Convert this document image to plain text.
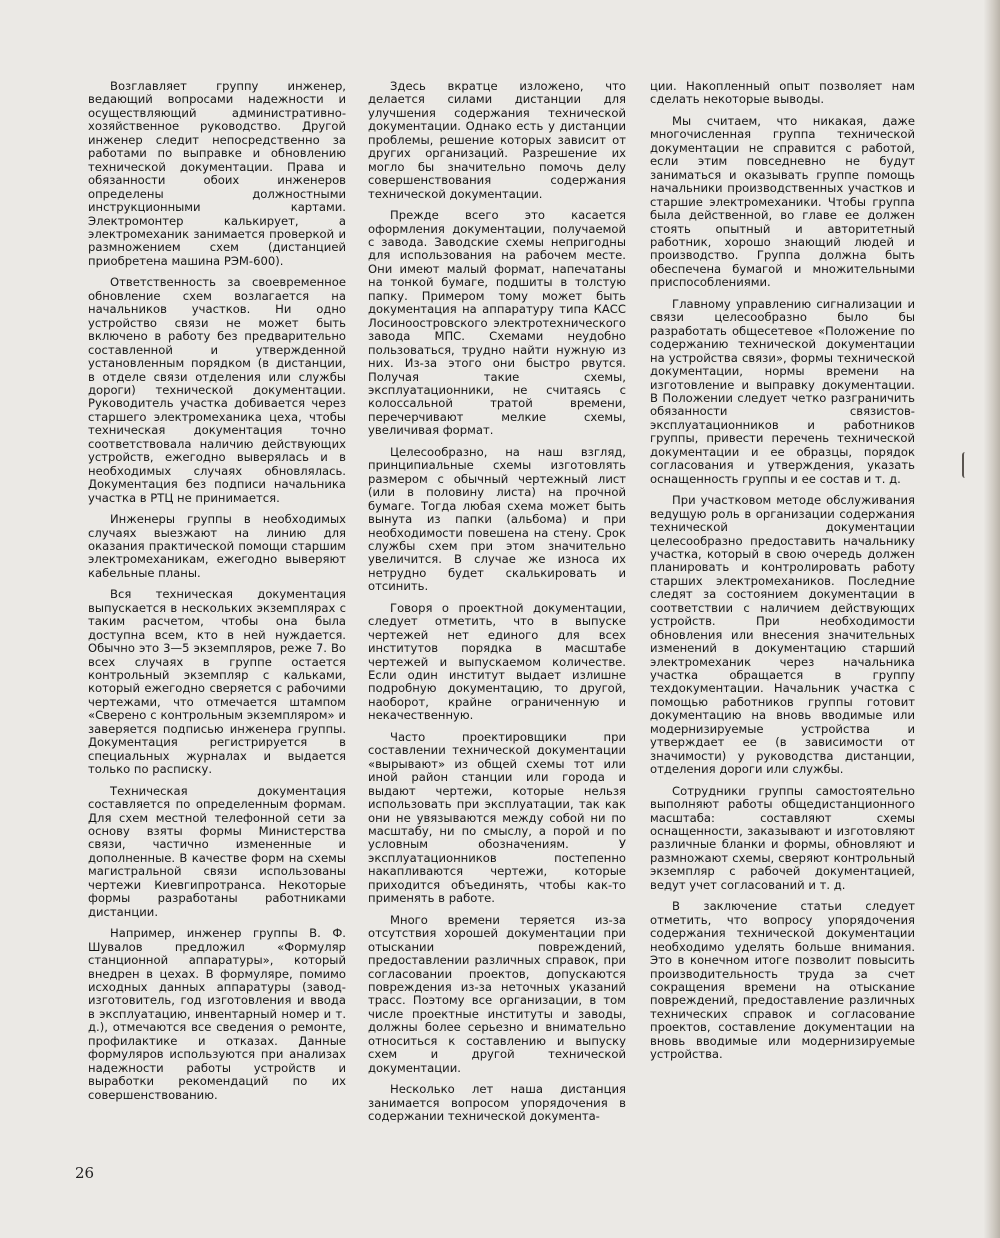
Возглавляет группу инженер, ведающий вопросами надежности и осуществляющий административно-хозяйственное руководство. Другой инженер следит непосредственно за работами по выправке и обновлению технической документации. Права и обязанности обоих инженеров определены должностными инструкционными картами. Электромонтер калькирует, а электромеханик занимается проверкой и размножением схем (дистанцией приобретена машина РЭМ-600).

Ответственность за своевременное обновление схем возлагается на начальников участков. Ни одно устройство связи не может быть включено в работу без предварительно составленной и утвержденной установленным порядком (в дистанции, в отделе связи отделения или службы дороги) технической документации. Руководитель участка добивается через старшего электромеханика цеха, чтобы техническая документация точно соответствовала наличию действующих устройств, ежегодно выверялась и в необходимых случаях обновлялась. Документация без подписи начальника участка в РТЦ не принимается.

Инженеры группы в необходимых случаях выезжают на линию для оказания практической помощи старшим электромеханикам, ежегодно выверяют кабельные планы.

Вся техническая документация выпускается в нескольких экземплярах с таким расчетом, чтобы она была доступна всем, кто в ней нуждается. Обычно это 3—5 экземпляров, реже 7. Во всех случаях в группе остается контрольный экземпляр с кальками, который ежегодно сверяется с рабочими чертежами, что отмечается штампом «Сверено с контрольным экземпляром» и заверяется подписью инженера группы. Документация регистрируется в специальных журналах и выдается только по расписку.

Техническая документация составляется по определенным формам. Для схем местной телефонной сети за основу взяты формы Министерства связи, частично измененные и дополненные. В качестве форм на схемы магистральной связи использованы чертежи Киевгипротранса. Некоторые формы разработаны работниками дистанции.

Например, инженер группы В. Ф. Шувалов предложил «Формуляр станционной аппаратуры», который внедрен в цехах. В формуляре, помимо исходных данных аппаратуры (завод-изготовитель, год изготовления и ввода в эксплуатацию, инвентарный номер и т. д.), отмечаются все сведения о ремонте, профилактике и отказах. Данные формуляров используются при анализах надежности работы устройств и выработки рекомендаций по их совершенствованию.

Здесь вкратце изложено, что делается силами дистанции для улучшения содержания технической документации. Однако есть у дистанции проблемы, решение которых зависит от других организаций. Разрешение их могло бы значительно помочь делу совершенствования содержания технической документации.

Прежде всего это касается оформления документации, получаемой с завода. Заводские схемы непригодны для использования на рабочем месте. Они имеют малый формат, напечатаны на тонкой бумаге, подшиты в толстую папку. Примером тому может быть документация на аппаратуру типа КАСС Лосиноостровского электротехнического завода МПС. Схемами неудобно пользоваться, трудно найти нужную из них. Из-за этого они быстро рвутся. Получая такие схемы, эксплуатационники, не считаясь с колоссальной тратой времени, перечерчивают мелкие схемы, увеличивая формат.

Целесообразно, на наш взгляд, принципиальные схемы изготовлять размером с обычный чертежный лист (или в половину листа) на прочной бумаге. Тогда любая схема может быть вынута из папки (альбома) и при необходимости повешена на стену. Срок службы схем при этом значительно увеличится. В случае же износа их нетрудно будет скалькировать и отсинить.

Говоря о проектной документации, следует отметить, что в выпуске чертежей нет единого для всех институтов порядка в масштабе чертежей и выпускаемом количестве. Если один институт выдает излишне подробную документацию, то другой, наоборот, крайне ограниченную и некачественную.

Часто проектировщики при составлении технической документации «вырывают» из общей схемы тот или иной район станции или города и выдают чертежи, которые нельзя использовать при эксплуатации, так как они не увязываются между собой ни по масштабу, ни по смыслу, а порой и по условным обозначениям. У эксплуатационников постепенно накапливаются чертежи, которые приходится объединять, чтобы как-то применять в работе.

Много времени теряется из-за отсутствия хорошей документации при отыскании повреждений, предоставлении различных справок, при согласовании проектов, допускаются повреждения из-за неточных указаний трасс. Поэтому все организации, в том числе проектные институты и заводы, должны более серьезно и внимательно относиться к составлению и выпуску схем и другой технической документации.

Несколько лет наша дистанция занимается вопросом упорядочения в содержании технической документа-

ции. Накопленный опыт позволяет нам сделать некоторые выводы.

Мы считаем, что никакая, даже многочисленная группа технической документации не справится с работой, если этим повседневно не будут заниматься и оказывать группе помощь начальники производственных участков и старшие электромеханики. Чтобы группа была действенной, во главе ее должен стоять опытный и авторитетный работник, хорошо знающий людей и производство. Группа должна быть обеспечена бумагой и множительными приспособлениями.

Главному управлению сигнализации и связи целесообразно было бы разработать общесетевое «Положение по содержанию технической документации на устройства связи», формы технической документации, нормы времени на изготовление и выправку документации. В Положении следует четко разграничить обязанности связистов-эксплуатационников и работников группы, привести перечень технической документации и ее образцы, порядок согласования и утверждения, указать оснащенность группы и ее состав и т. д.

При участковом методе обслуживания ведущую роль в организации содержания технической документации целесообразно предоставить начальнику участка, который в свою очередь должен планировать и контролировать работу старших электромехаников. Последние следят за состоянием документации в соответствии с наличием действующих устройств. При необходимости обновления или внесения значительных изменений в документацию старший электромеханик через начальника участка обращается в группу техдокументации. Начальник участка с помощью работников группы готовит документацию на вновь вводимые или модернизируемые устройства и утверждает ее (в зависимости от значимости) у руководства дистанции, отделения дороги или службы.

Сотрудники группы самостоятельно выполняют работы общедистанционного масштаба: составляют схемы оснащенности, заказывают и изготовляют различные бланки и формы, обновляют и размножают схемы, сверяют контрольный экземпляр с рабочей документацией, ведут учет согласований и т. д.

В заключение статьи следует отметить, что вопросу упорядочения содержания технической документации необходимо уделять больше внимания. Это в конечном итоге позволит повысить производительность труда за счет сокращения времени на отыскание повреждений, предоставление различных технических справок и согласование проектов, составление документации на вновь вводимые или модернизируемые устройства.

26
